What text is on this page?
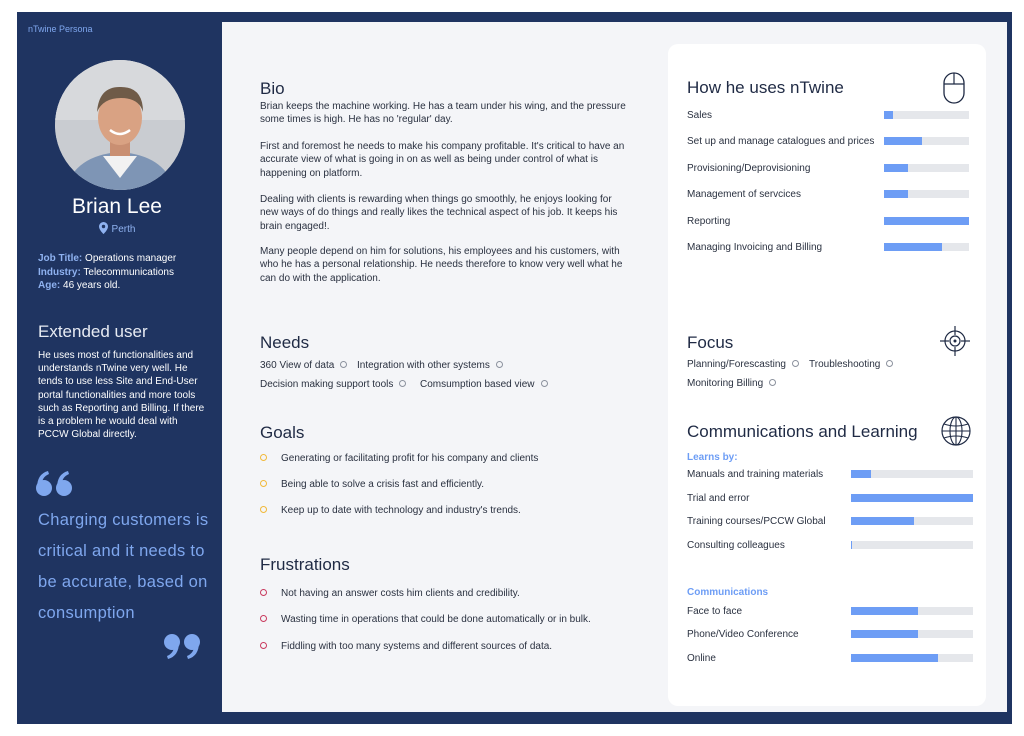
nTwine Persona
Brian Lee
Perth
Job Title: Operations manager
Industry: Telecommunications
Age: 46 years old.
Extended user
He uses most of functionalities and understands nTwine very well. He tends to use less Site and End-User portal functionalities and more tools such as Reporting and Billing. If there is a problem he would deal with PCCW Global directly.
Charging customers is critical and it needs to be accurate, based on consumption
Bio
Brian keeps the machine working. He has a team under his wing, and the pressure some times is high. He has no 'regular' day.
First and foremost he needs to make his company profitable. It's critical to have an accurate view of what is going in on as well as being under control of what is happening on platform.
Dealing with clients is rewarding when things go smoothly, he enjoys looking for new ways of do things and really likes the technical aspect of his job. It keeps his brain engaged!.
Many people depend on him for solutions, his employees and his customers, with who he has a personal relationship. He needs therefore to know very well what he can do with the application.
Needs
360 View of data	Integration with other systems
Decision making support tools	Comsumption based view
Goals
Generating or facilitating profit for his company and clients
Being able to solve a crisis fast and efficiently.
Keep up to date with technology and industry's trends.
Frustrations
Not having an answer costs him clients and credibility.
Wasting time in operations that could be done automatically or in bulk.
Fiddling with too many systems and different sources of data.
How he uses nTwine
Sales
Set up and manage catalogues and prices
Provisioning/Deprovisioning
Management of servcices
Reporting
Managing Invoicing and Billing
Focus
Planning/Forescasting	Troubleshooting
Monitoring Billing
Communications and Learning
Learns by:
Manuals and training materials
Trial and error
Training courses/PCCW Global
Consulting colleagues
Communications
Face to face
Phone/Video Conference
Online
